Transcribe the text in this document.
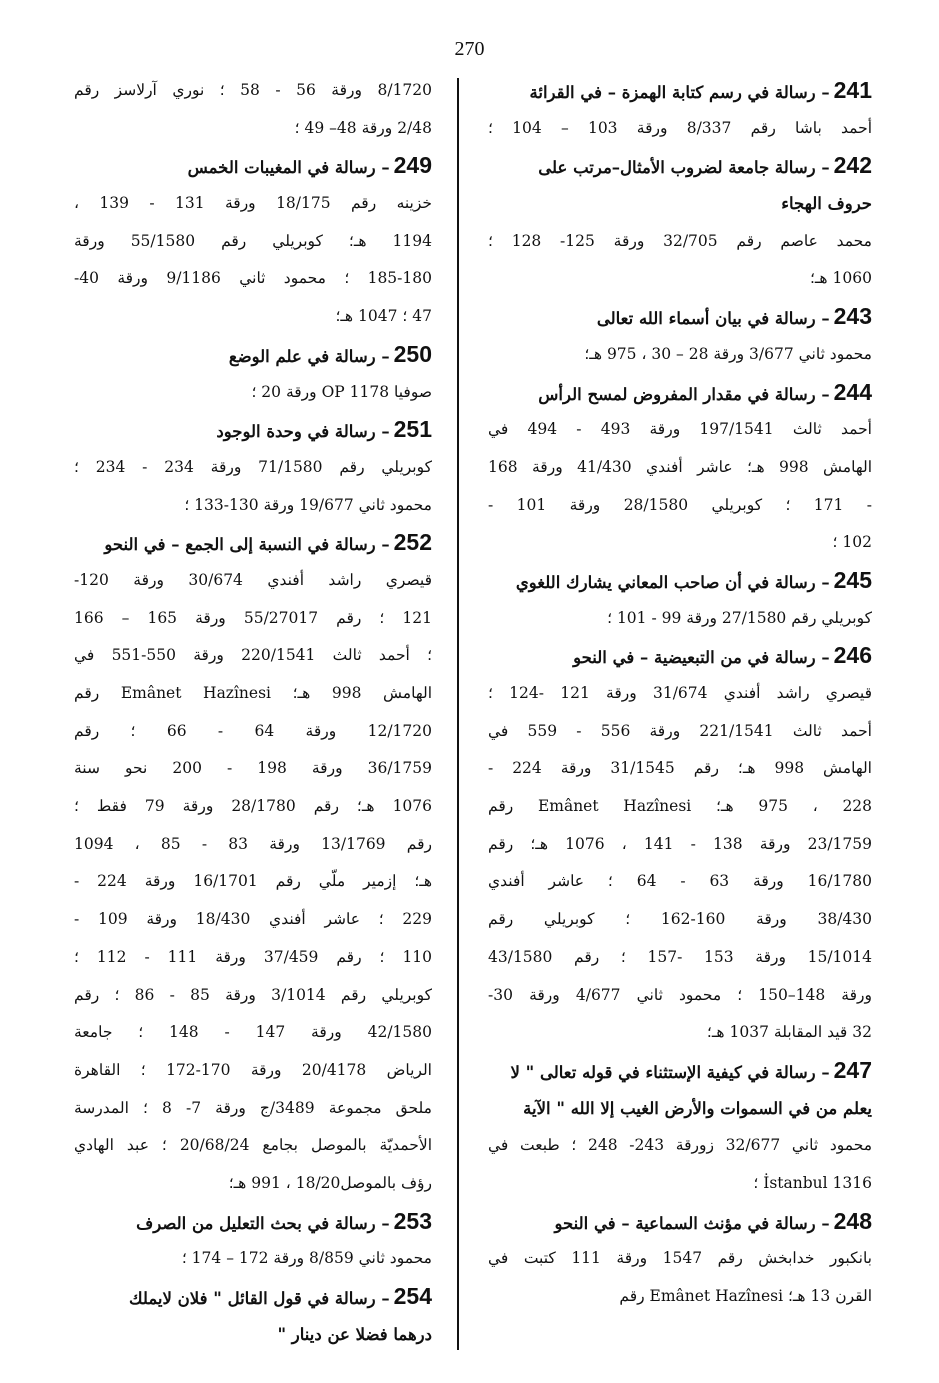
270
241– رسالة في رسم كتابة الهمزة – في القرائة
أحمد باشا رقم 8/337 ورقة 103 – 104 ؛
242– رسالة جامعة لضروب الأمثال–مرتب على
حروف الهجاء
محمد عاصم رقم 32/705 ورقة 125- 128 ؛
1060 هـ؛
243– رسالة في بيان أسماء الله تعالى
محمود ثاني 3/677 ورقة 28 – 30 ، 975 هـ؛
244– رسالة في مقدار المفروض لمسح الرأس
أحمد ثالث 197/1541 ورقة 493 - 494 في
الهامش 998 هـ؛ عاشر أفندي 41/430 ورقة 168
- 171 ؛ كوبريلي 28/1580 ورقة 101 -
102 ؛
245– رسالة في أن صاحب المعاني يشارك اللغوي
كوبريلي رقم 27/1580 ورقة 99 - 101 ؛
246– رسالة في من التبعيضية – في النحو
قيصري راشد أفندي 31/674 ورقة 121 -124 ؛
أحمد ثالث 221/1541 ورقة 556 - 559 في
الهامش 998 هـ؛ رقم 31/1545 ورقة 224 -
228 ، 975 هـ؛ Emânet Hazînesi رقم
23/1759 ورقة 138 - 141 ، 1076 هـ؛ رقم
16/1780 ورقة 63 - 64 ؛ عاشر أفندي
38/430 ورقة 160-162 ؛ كوبريلي رقم
15/1014 ورقة 153 -157 ؛ رقم 43/1580
ورقة 148–150 ؛ محمود ثاني 4/677 ورقة 30-
32 قيد المقابلة 1037 هـ؛
247– رسالة في كيفية الإستثناء في قوله تعالى " لا
يعلم من في السموات والأرض الغيب إلا الله " الآية
محمود ثاني 32/677 زورقة 243- 248 ؛ طبعت في
1316 İstanbul ؛
248– رسالة في مؤنث السماعية – في النحو
بانكبور خدابخش رقم 1547 ورقة 111 كتبت في
القرن 13 هـ؛ Emânet Hazînesi رقم
8/1720 ورقة 56 - 58 ؛ نوري آرلاسز رقم
2/48 ورقة 48– 49 ؛
249– رسالة في المغيبات الخمس
خزينه رقم 18/175 ورقة 131 - 139 ،
1194 هـ؛ كوبريلي رقم 55/1580 ورقة
185-180 ؛ محمود ثاني 9/1186 ورقة 40-
47 ؛ 1047 هـ؛
250– رسالة في علم الوضع
صوفيا OP 1178 ورقة 20 ؛
251– رسالة في وحدة الوجود
كوبريلي رقم 71/1580 ورقة 234 - 234 ؛
محمود ثاني 19/677 ورقة 130-133 ؛
252– رسالة في النسبة إلى الجمع – في النحو
قيصري راشد أفندي 30/674 ورقة 120-
121 ؛ رقم 55/27017 ورقة 165 – 166
؛ أحمد ثالث 220/1541 ورقة 550-551 في
الهامش 998 هـ؛ Emânet Hazînesi رقم
12/1720 ورقة 64 - 66 ؛ رقم
36/1759 ورقة 198 - 200 نحو سنة
1076 هـ؛ رقم 28/1780 ورقة 79 فقط ؛
رقم 13/1769 ورقة 83 - 85 ، 1094
هـ؛ إزمير ملّي رقم 16/1701 ورقة 224 -
229 ؛ عاشر أفندي 18/430 ورقة 109 -
110 ؛ رقم 37/459 ورقة 111 - 112 ؛
كوبريلي رقم 3/1014 ورقة 85 - 86 ؛ رقم
42/1580 ورقة 147 - 148 ؛ جامعة
الرياض 20/4178 ورقة 170-172 ؛ القاهرة
ملحق مجموعة 3489/ج ورقة 7- 8 ؛ المدرسة
الأحمديّة بالموصل بجامع 20/68/24 ؛ عبد الهادي
رؤف بالموصل18/20 ، 991 هـ؛
253– رسالة في بحث التعليل من الصرف
محمود ثاني 8/859 ورقة 172 – 174 ؛
254– رسالة في قول القائل " فلان لايملك
درهما فضلا عن دينار "
